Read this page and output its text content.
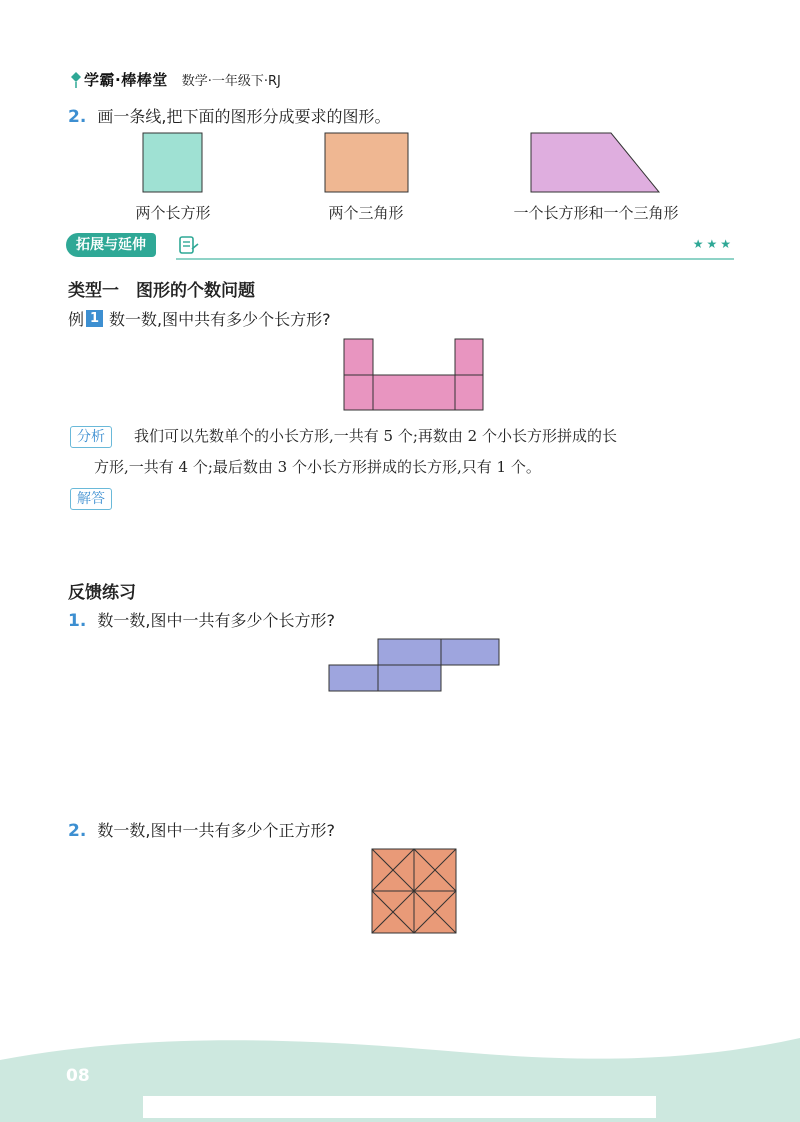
学霸·棒棒堂 数学·一年级下·RJ
2. 画一条线,把下面的图形分成要求的图形。
两个长方形	两个三角形	一个长方形和一个三角形
拓展与延伸	★★★
类型一　图形的个数问题
例 1 数一数,图中共有多少个长方形?
分析	我们可以先数单个的小长方形,一共有 5 个;再数由 2 个小长方形拼成的长
方形,一共有 4 个;最后数由 3 个小长方形拼成的长方形,只有 1 个。
解答
反馈练习
1. 数一数,图中一共有多少个长方形?
2. 数一数,图中一共有多少个正方形?
08
